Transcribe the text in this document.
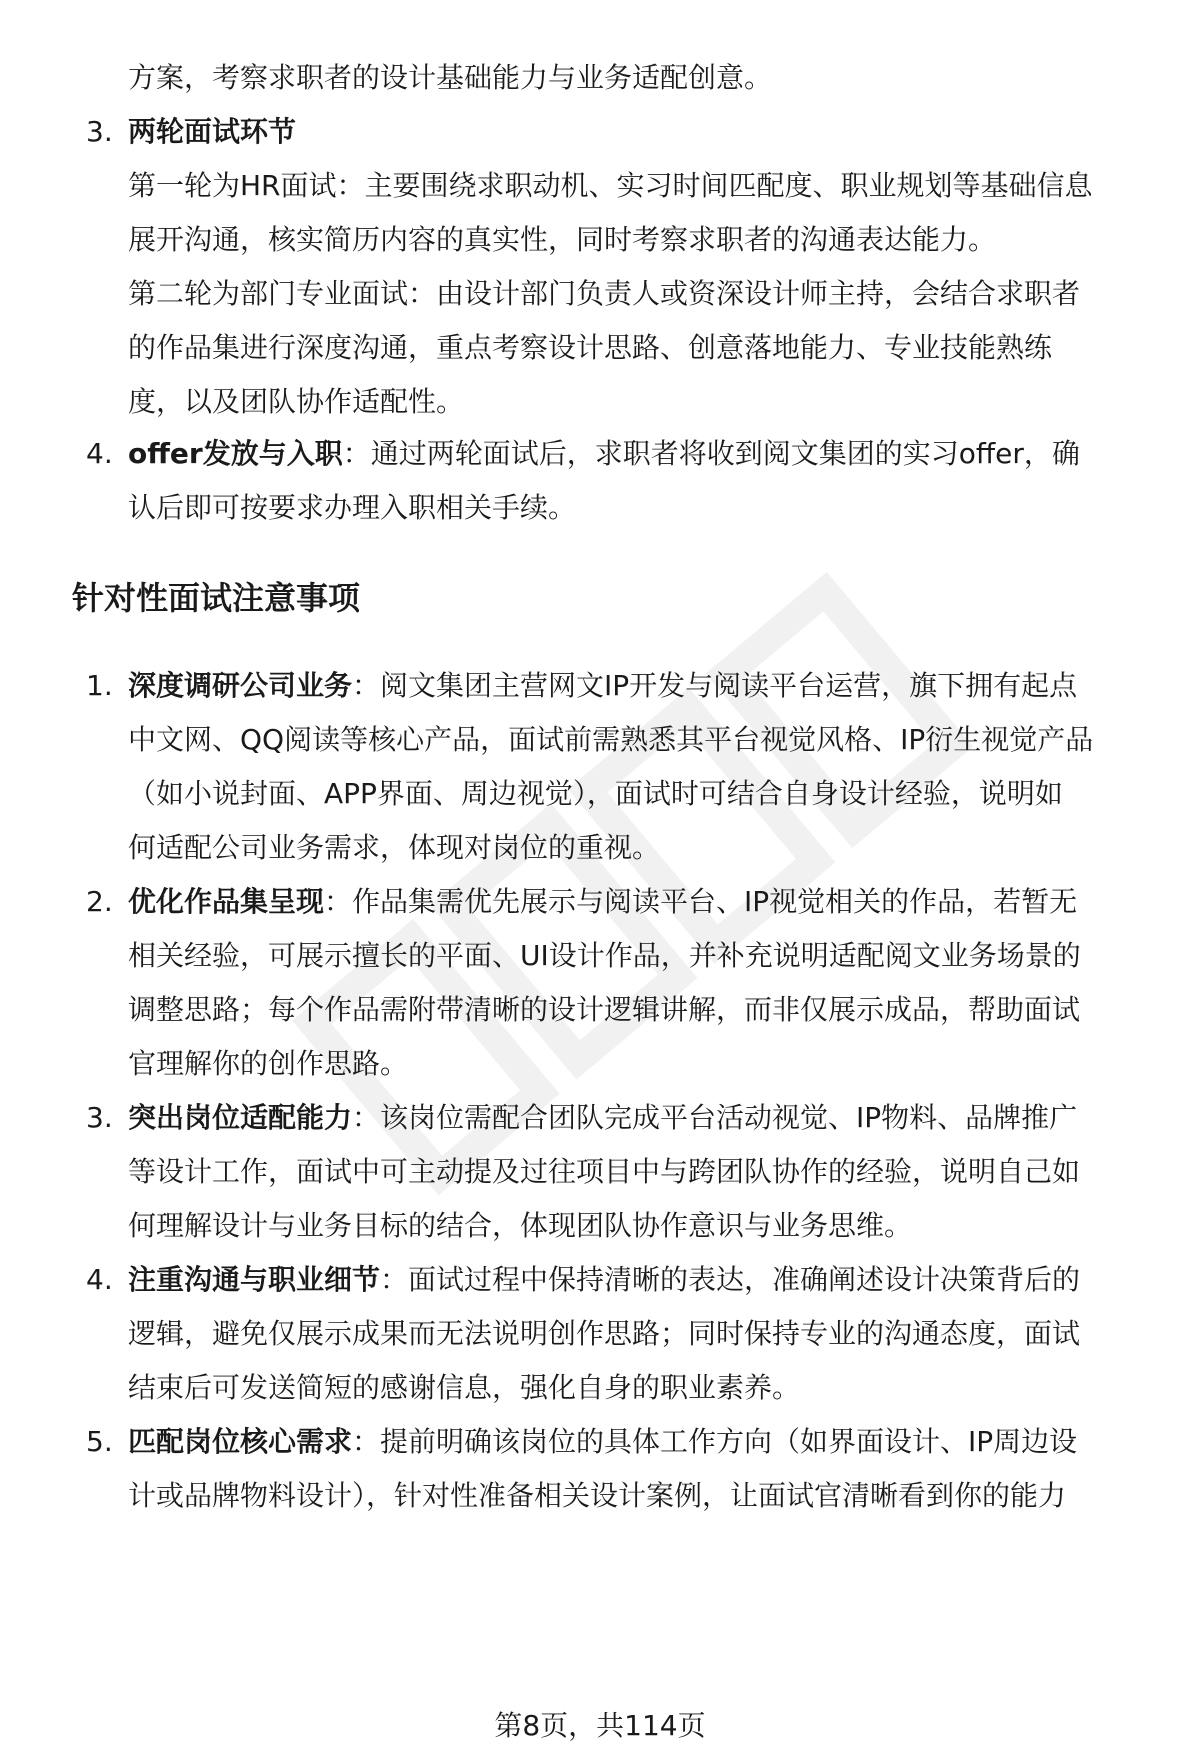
方案，考察求职者的设计基础能力与业务适配创意。
3. 两轮面试环节
第一轮为HR面试：主要围绕求职动机、实习时间匹配度、职业规划等基础信息
展开沟通，核实简历内容的真实性，同时考察求职者的沟通表达能力。
第二轮为部门专业面试：由设计部门负责人或资深设计师主持，会结合求职者
的作品集进行深度沟通，重点考察设计思路、创意落地能力、专业技能熟练
度，以及团队协作适配性。
4. offer发放与入职：通过两轮面试后，求职者将收到阅文集团的实习offer，确
认后即可按要求办理入职相关手续。
针对性面试注意事项
1. 深度调研公司业务：阅文集团主营网文IP开发与阅读平台运营，旗下拥有起点
中文网、QQ阅读等核心产品，面试前需熟悉其平台视觉风格、IP衍生视觉产品
（如小说封面、APP界面、周边视觉），面试时可结合自身设计经验，说明如
何适配公司业务需求，体现对岗位的重视。
2. 优化作品集呈现：作品集需优先展示与阅读平台、IP视觉相关的作品，若暂无
相关经验，可展示擅长的平面、UI设计作品，并补充说明适配阅文业务场景的
调整思路；每个作品需附带清晰的设计逻辑讲解，而非仅展示成品，帮助面试
官理解你的创作思路。
3. 突出岗位适配能力：该岗位需配合团队完成平台活动视觉、IP物料、品牌推广
等设计工作，面试中可主动提及过往项目中与跨团队协作的经验，说明自己如
何理解设计与业务目标的结合，体现团队协作意识与业务思维。
4. 注重沟通与职业细节：面试过程中保持清晰的表达，准确阐述设计决策背后的
逻辑，避免仅展示成果而无法说明创作思路；同时保持专业的沟通态度，面试
结束后可发送简短的感谢信息，强化自身的职业素养。
5. 匹配岗位核心需求：提前明确该岗位的具体工作方向（如界面设计、IP周边设
计或品牌物料设计），针对性准备相关设计案例，让面试官清晰看到你的能力
第8页，共114页
